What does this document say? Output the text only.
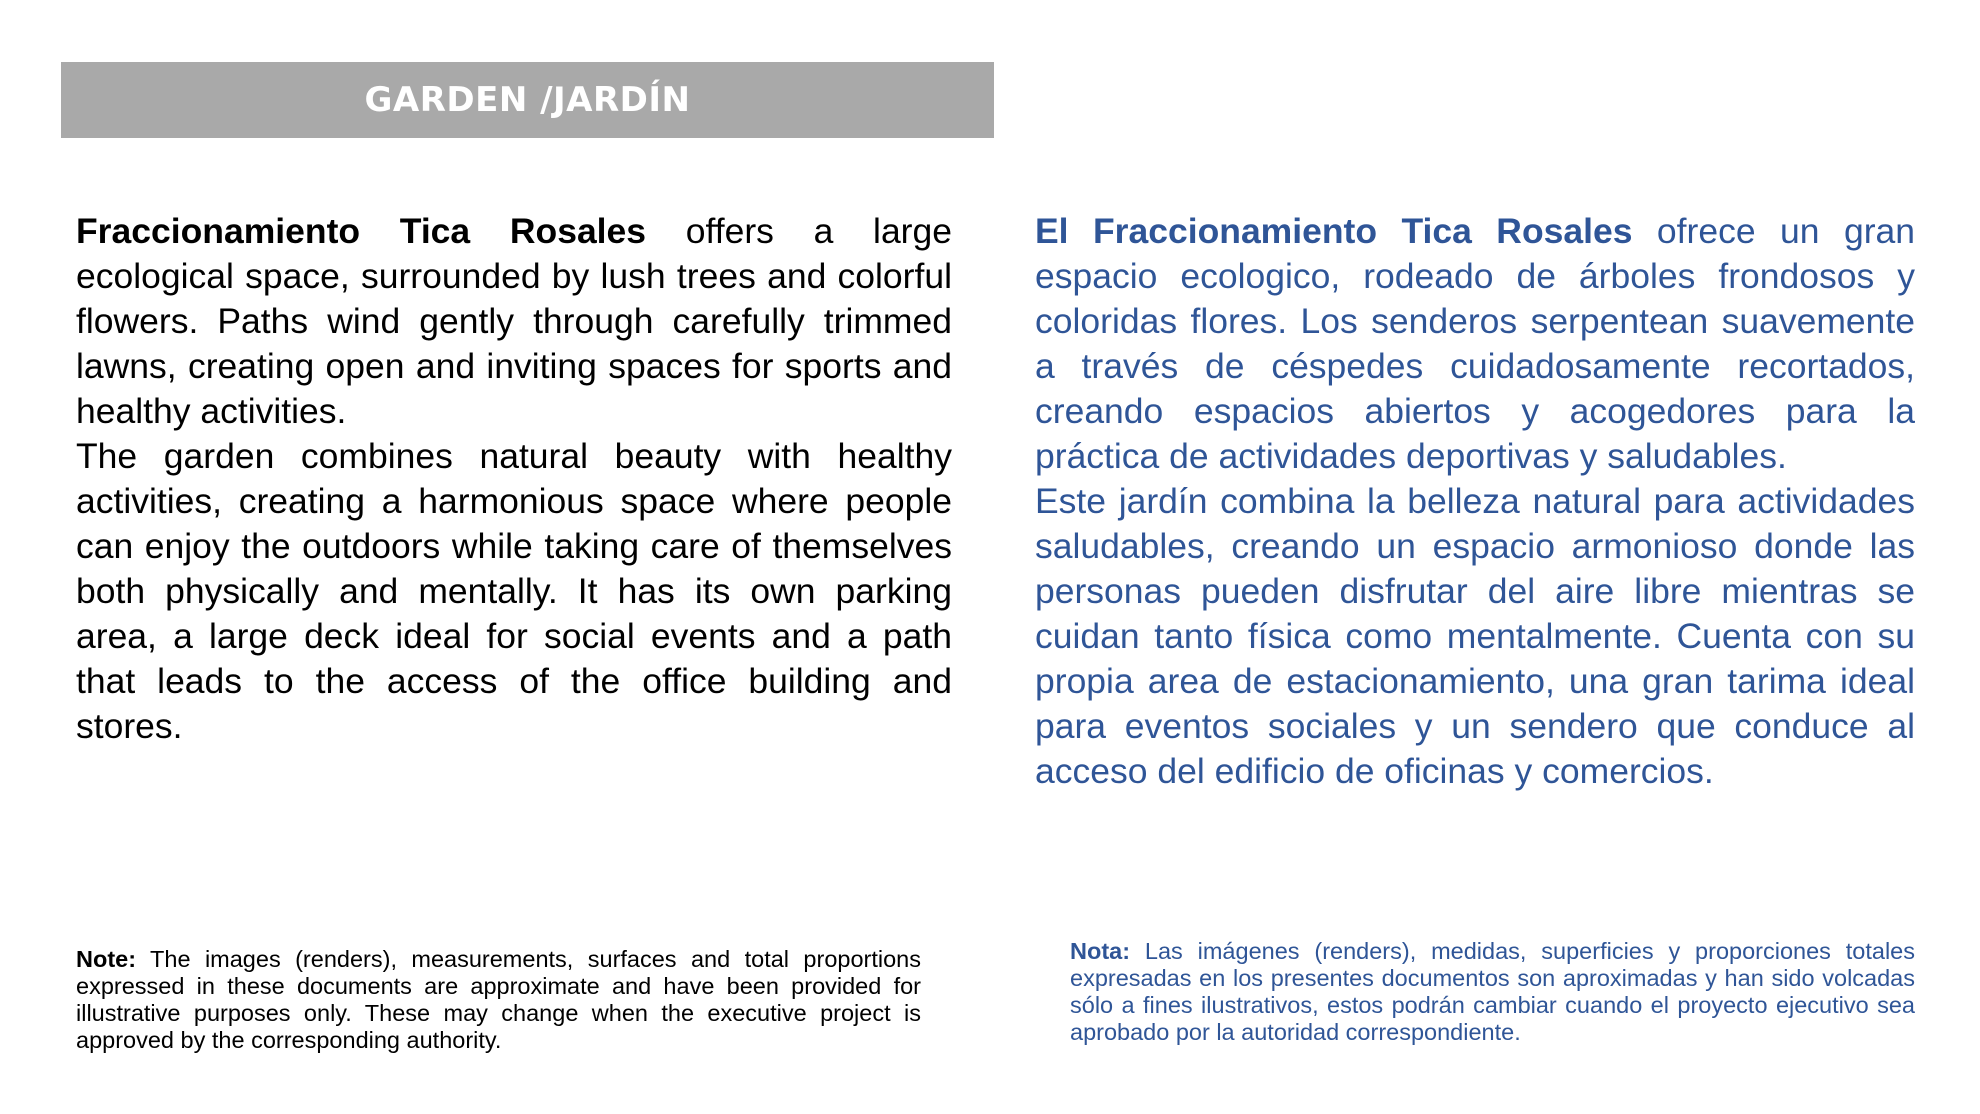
GARDEN /JARDÍN

Fraccionamiento Tica Rosales offers a large ecological space, surrounded by lush trees and colorful flowers. Paths wind gently through carefully trimmed lawns, creating open and inviting spaces for sports and healthy activities.

The garden combines natural beauty with healthy activities, creating a harmonious space where people can enjoy the outdoors while taking care of themselves both physically and mentally. It has its own parking area, a large deck ideal for social events and a path that leads to the access of the office building and stores.

El Fraccionamiento Tica Rosales ofrece un gran espacio ecologico, rodeado de árboles frondosos y coloridas flores. Los senderos serpentean suavemente a través de céspedes cuidadosamente recortados, creando espacios abiertos y acogedores para la práctica de actividades deportivas y saludables.

Este jardín combina la belleza natural para actividades saludables, creando un espacio armonioso donde las personas pueden disfrutar del aire libre mientras se cuidan tanto física como mentalmente. Cuenta con su propia area de estacionamiento, una gran tarima ideal para eventos sociales y un sendero que conduce al acceso del edificio de oficinas y comercios.

Note: The images (renders), measurements, surfaces and total proportions expressed in these documents are approximate and have been provided for illustrative purposes only. These may change when the executive project is approved by the corresponding authority.

Nota: Las imágenes (renders), medidas, superficies y proporciones totales expresadas en los presentes documentos son aproximadas y han sido volcadas sólo a fines ilustrativos, estos podrán cambiar cuando el proyecto ejecutivo sea aprobado por la autoridad correspondiente.
